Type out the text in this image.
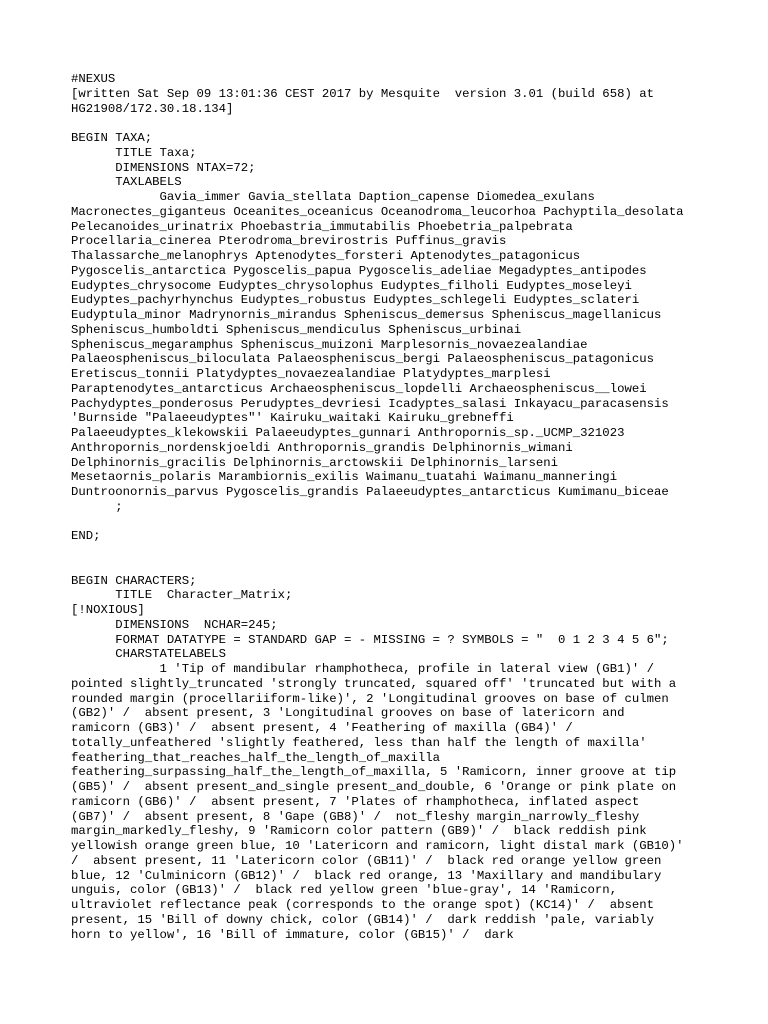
#NEXUS
[written Sat Sep 09 13:01:36 CEST 2017 by Mesquite  version 3.01 (build 658) at
HG21908/172.30.18.134]
BEGIN TAXA;
TITLE Taxa;
DIMENSIONS NTAX=72;
TAXLABELS
Gavia_immer Gavia_stellata Daption_capense Diomedea_exulans
Macronectes_giganteus Oceanites_oceanicus Oceanodroma_leucorhoa Pachyptila_desolata
Pelecanoides_urinatrix Phoebastria_immutabilis Phoebetria_palpebrata
Procellaria_cinerea Pterodroma_brevirostris Puffinus_gravis
Thalassarche_melanophrys Aptenodytes_forsteri Aptenodytes_patagonicus
Pygoscelis_antarctica Pygoscelis_papua Pygoscelis_adeliae Megadyptes_antipodes
Eudyptes_chrysocome Eudyptes_chrysolophus Eudyptes_filholi Eudyptes_moseleyi
Eudyptes_pachyrhynchus Eudyptes_robustus Eudyptes_schlegeli Eudyptes_sclateri
Eudyptula_minor Madrynornis_mirandus Spheniscus_demersus Spheniscus_magellanicus
Spheniscus_humboldti Spheniscus_mendiculus Spheniscus_urbinai
Spheniscus_megaramphus Spheniscus_muizoni Marplesornis_novaezealandiae
Palaeospheniscus_biloculata Palaeospheniscus_bergi Palaeospheniscus_patagonicus
Eretiscus_tonnii Platydyptes_novaezealandiae Platydyptes_marplesi
Paraptenodytes_antarcticus Archaeospheniscus_lopdelli Archaeospheniscus__lowei
Pachydyptes_ponderosus Perudyptes_devriesi Icadyptes_salasi Inkayacu_paracasensis
'Burnside "Palaeeudyptes"' Kairuku_waitaki Kairuku_grebneffi
Palaeeudyptes_klekowskii Palaeeudyptes_gunnari Anthropornis_sp._UCMP_321023
Anthropornis_nordenskjoeldi Anthropornis_grandis Delphinornis_wimani
Delphinornis_gracilis Delphinornis_arctowskii Delphinornis_larseni
Mesetaornis_polaris Marambiornis_exilis Waimanu_tuatahi Waimanu_manneringi
Duntroonornis_parvus Pygoscelis_grandis Palaeeudyptes_antarcticus Kumimanu_biceae
;
END;
BEGIN CHARACTERS;
TITLE  Character_Matrix;
[!NOXIOUS]
DIMENSIONS  NCHAR=245;
FORMAT DATATYPE = STANDARD GAP = - MISSING = ? SYMBOLS = "  0 1 2 3 4 5 6";
CHARSTATELABELS
1 'Tip of mandibular rhamphotheca, profile in lateral view (GB1)' /
pointed slightly_truncated 'strongly truncated, squared off' 'truncated but with a
rounded margin (procellariiform-like)', 2 'Longitudinal grooves on base of culmen
(GB2)' /  absent present, 3 'Longitudinal grooves on base of latericorn and
ramicorn (GB3)' /  absent present, 4 'Feathering of maxilla (GB4)' /
totally_unfeathered 'slightly feathered, less than half the length of maxilla'
feathering_that_reaches_half_the_length_of_maxilla
feathering_surpassing_half_the_length_of_maxilla, 5 'Ramicorn, inner groove at tip
(GB5)' /  absent present_and_single present_and_double, 6 'Orange or pink plate on
ramicorn (GB6)' /  absent present, 7 'Plates of rhamphotheca, inflated aspect
(GB7)' /  absent present, 8 'Gape (GB8)' /  not_fleshy margin_narrowly_fleshy
margin_markedly_fleshy, 9 'Ramicorn color pattern (GB9)' /  black reddish pink
yellowish orange green blue, 10 'Latericorn and ramicorn, light distal mark (GB10)'
/  absent present, 11 'Latericorn color (GB11)' /  black red orange yellow green
blue, 12 'Culminicorn (GB12)' /  black red orange, 13 'Maxillary and mandibulary
unguis, color (GB13)' /  black red yellow green 'blue-gray', 14 'Ramicorn,
ultraviolet reflectance peak (corresponds to the orange spot) (KC14)' /  absent
present, 15 'Bill of downy chick, color (GB14)' /  dark reddish 'pale, variably
horn to yellow', 16 'Bill of immature, color (GB15)' /  dark
